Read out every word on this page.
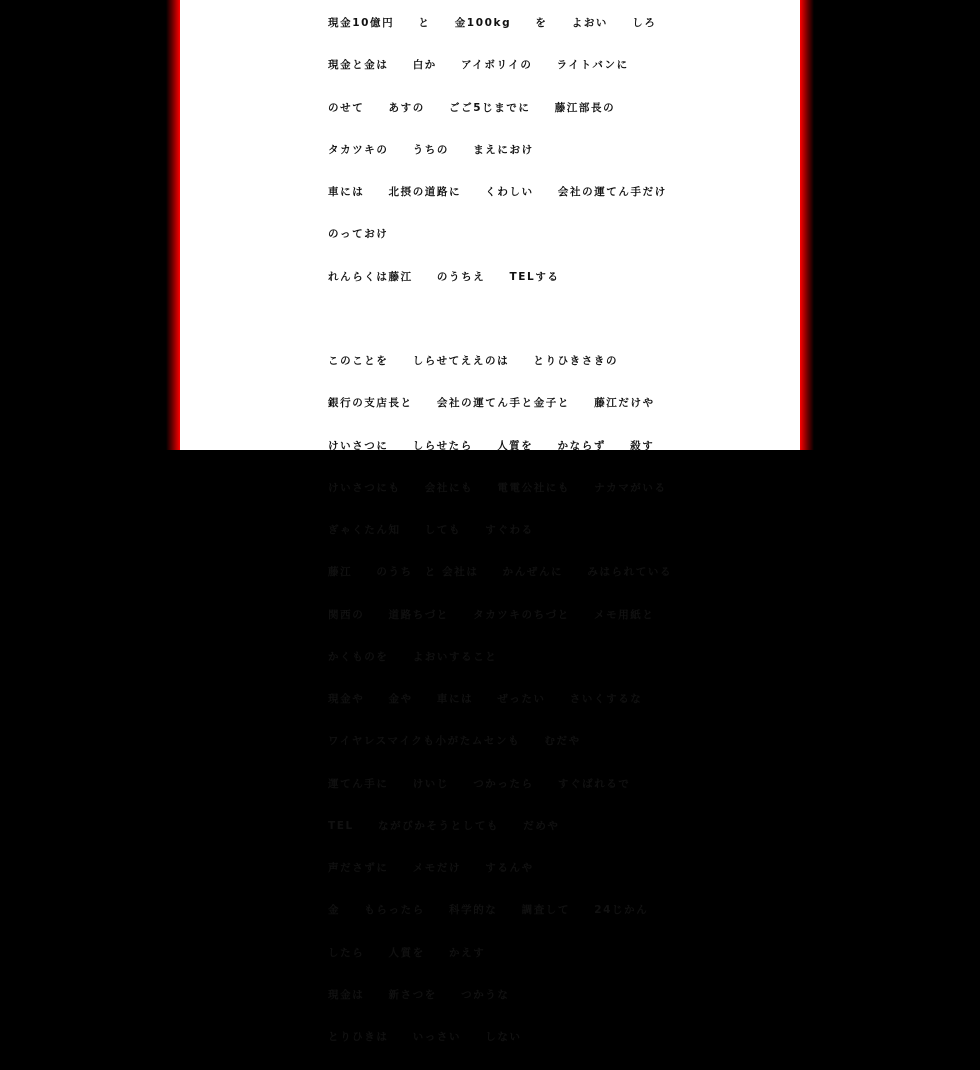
現金10億円　　と　　金100kg　　を　　よおい　　しろ

現金と金は　　白か　　アイボリイの　　ライトバンに

のせて　　あすの　　ごご5じまでに　　藤江部長の

タカツキの　　うちの　　まえにおけ

車には　　北摂の道路に　　くわしい　　会社の運てん手だけ

のっておけ

れんらくは藤江　　のうちえ　　TELする

このことを　　しらせてええのは　　とりひきさきの

銀行の支店長と　　会社の運てん手と金子と　　藤江だけや

けいさつに　　しらせたら　　人質を　　かならず　　殺す

けいさつにも　　会社にも　　電電公社にも　　ナカマがいる

ぎゃくたん知　　しても　　すぐわる

藤江　　のうち　と 会社は　　かんぜんに　　みはられている

関西の　　道路ちづと　　タカツキのちづと　　メモ用紙と

かくものを　　よおいすること

現金や　　金や　　車には　　ぜったい　　さいくするな

ワイヤレスマイクも小がたムセンも　　むだや

運てん手に　　けいじ　　つかったら　　すぐばれるで

TEL　　ながびかそうとしても　　だめや

声ださずに　　メモだけ　　するんや

金　　もらったら　　科学的な　　調査して　　24じかん

したら　　人質を　　かえす

現金は　　新さつを　　つかうな

とりひきは　　いっさい　　しない
